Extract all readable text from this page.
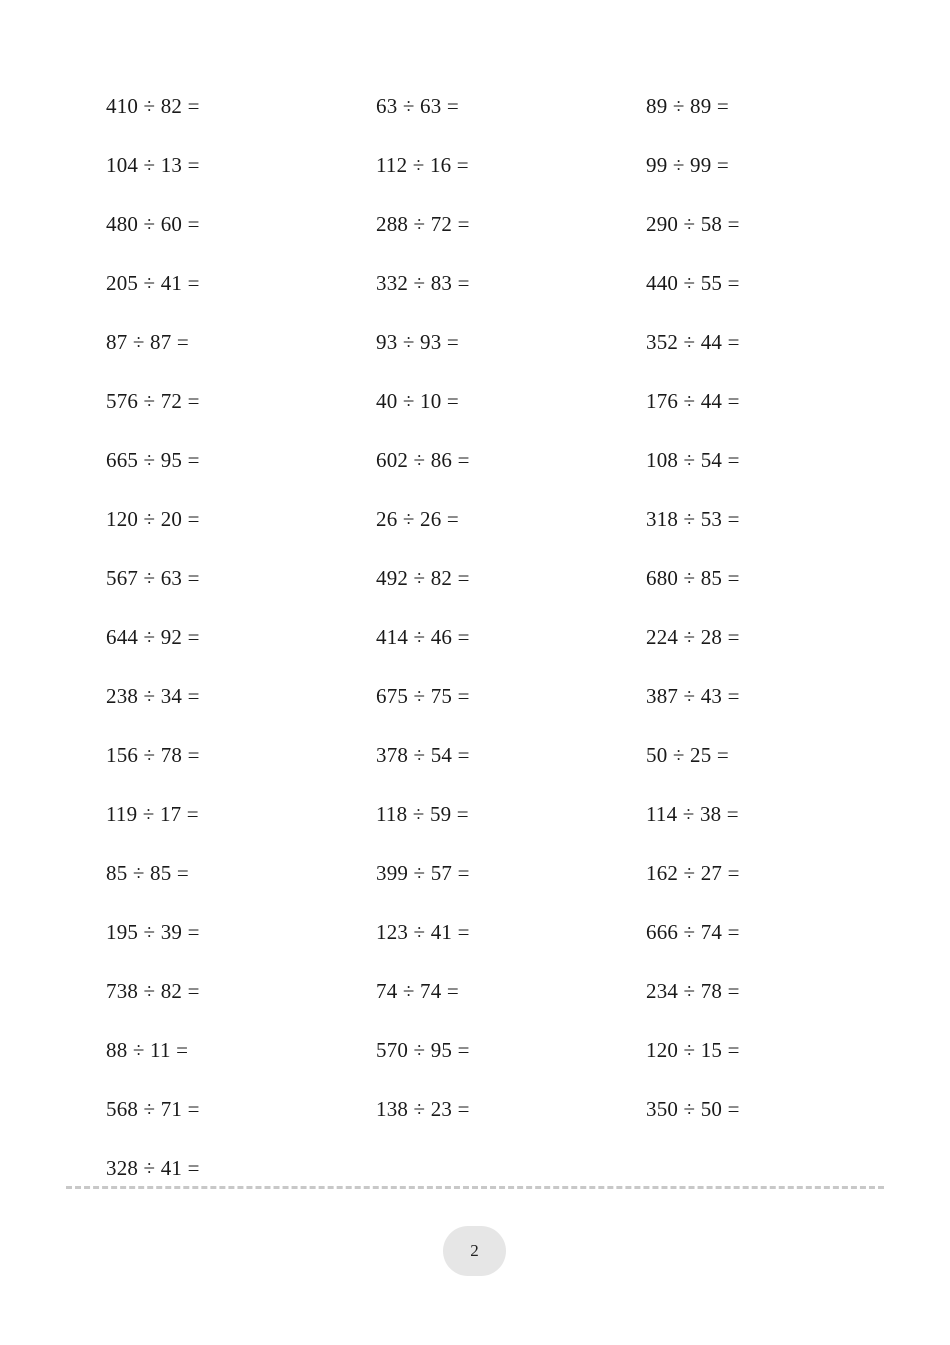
410 ÷ 82 =	63 ÷ 63 =	89 ÷ 89 =
104 ÷ 13 =	112 ÷ 16 =	99 ÷ 99 =
480 ÷ 60 =	288 ÷ 72 =	290 ÷ 58 =
205 ÷ 41 =	332 ÷ 83 =	440 ÷ 55 =
87 ÷ 87 =	93 ÷ 93 =	352 ÷ 44 =
576 ÷ 72 =	40 ÷ 10 =	176 ÷ 44 =
665 ÷ 95 =	602 ÷ 86 =	108 ÷ 54 =
120 ÷ 20 =	26 ÷ 26 =	318 ÷ 53 =
567 ÷ 63 =	492 ÷ 82 =	680 ÷ 85 =
644 ÷ 92 =	414 ÷ 46 =	224 ÷ 28 =
238 ÷ 34 =	675 ÷ 75 =	387 ÷ 43 =
156 ÷ 78 =	378 ÷ 54 =	50 ÷ 25 =
119 ÷ 17 =	118 ÷ 59 =	114 ÷ 38 =
85 ÷ 85 =	399 ÷ 57 =	162 ÷ 27 =
195 ÷ 39 =	123 ÷ 41 =	666 ÷ 74 =
738 ÷ 82 =	74 ÷ 74 =	234 ÷ 78 =
88 ÷ 11 =	570 ÷ 95 =	120 ÷ 15 =
568 ÷ 71 =	138 ÷ 23 =	350 ÷ 50 =
328 ÷ 41 =
2
